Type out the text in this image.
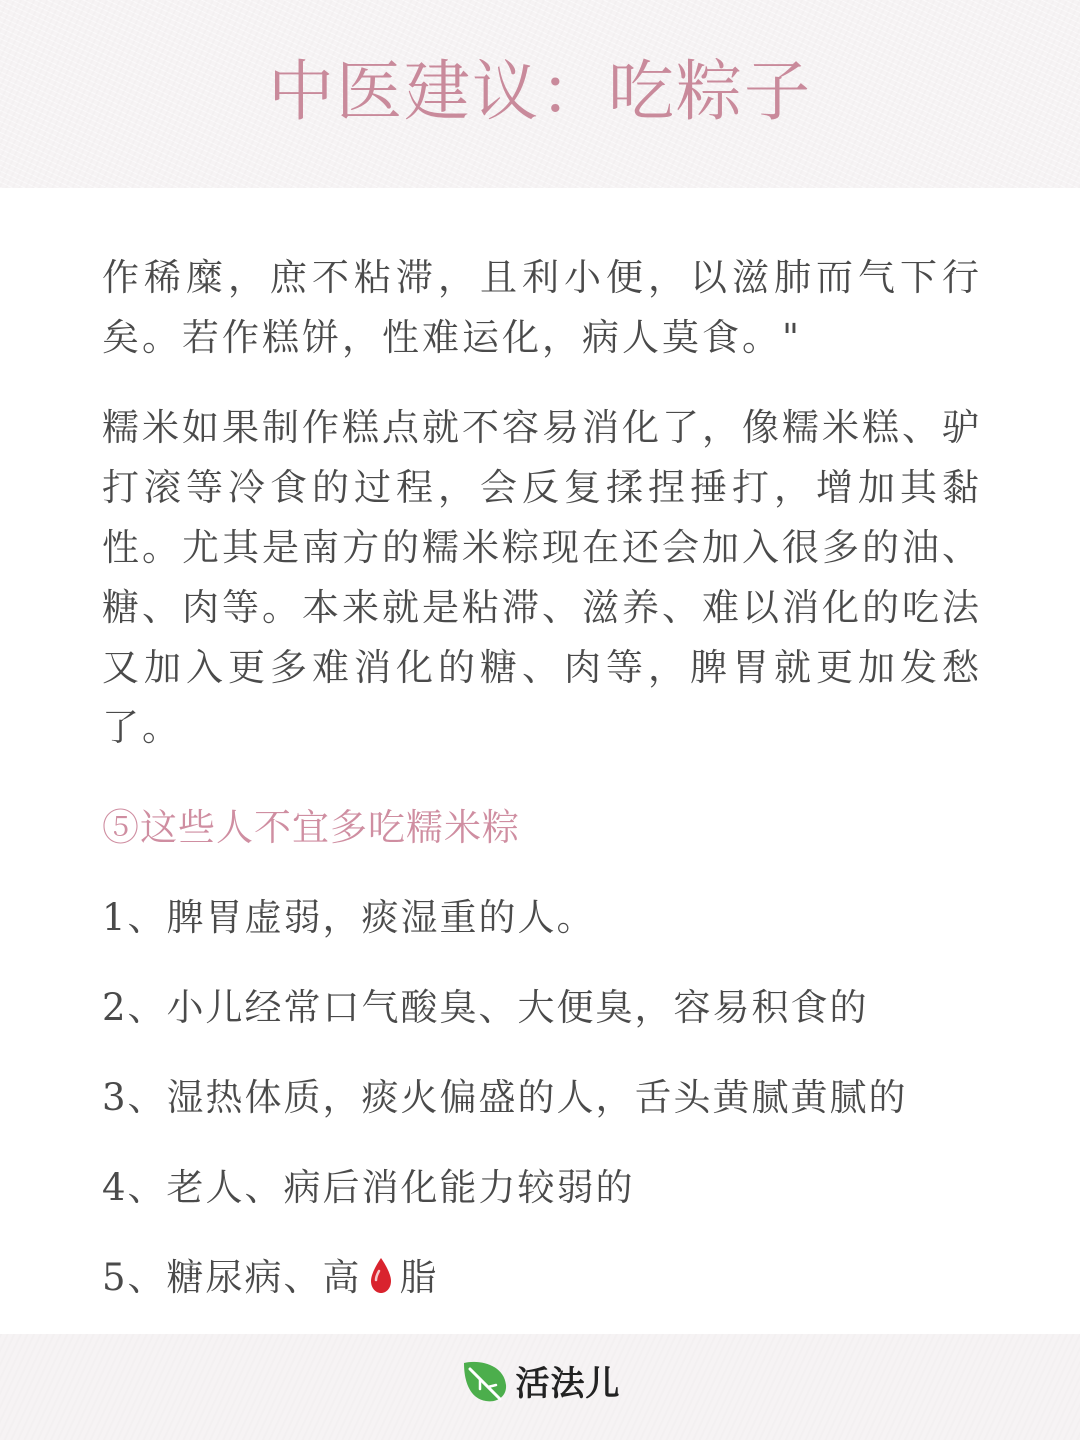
中医建议：吃粽子

作稀糜，庶不粘滞，且利小便，以滋肺而气下行矣。若作糕饼，性难运化，病人莫食。"

糯米如果制作糕点就不容易消化了，像糯米糕、驴打滚等冷食的过程，会反复揉捏捶打，增加其黏性。尤其是南方的糯米粽现在还会加入很多的油、糖、肉等。本来就是粘滞、滋养、难以消化的吃法又加入更多难消化的糖、肉等，脾胃就更加发愁了。

⑤这些人不宜多吃糯米粽
1、脾胃虚弱，痰湿重的人。
2、小儿经常口气酸臭、大便臭，容易积食的
3、湿热体质，痰火偏盛的人，舌头黄腻黄腻的
4、老人、病后消化能力较弱的
5、糖尿病、高 脂
活法儿
